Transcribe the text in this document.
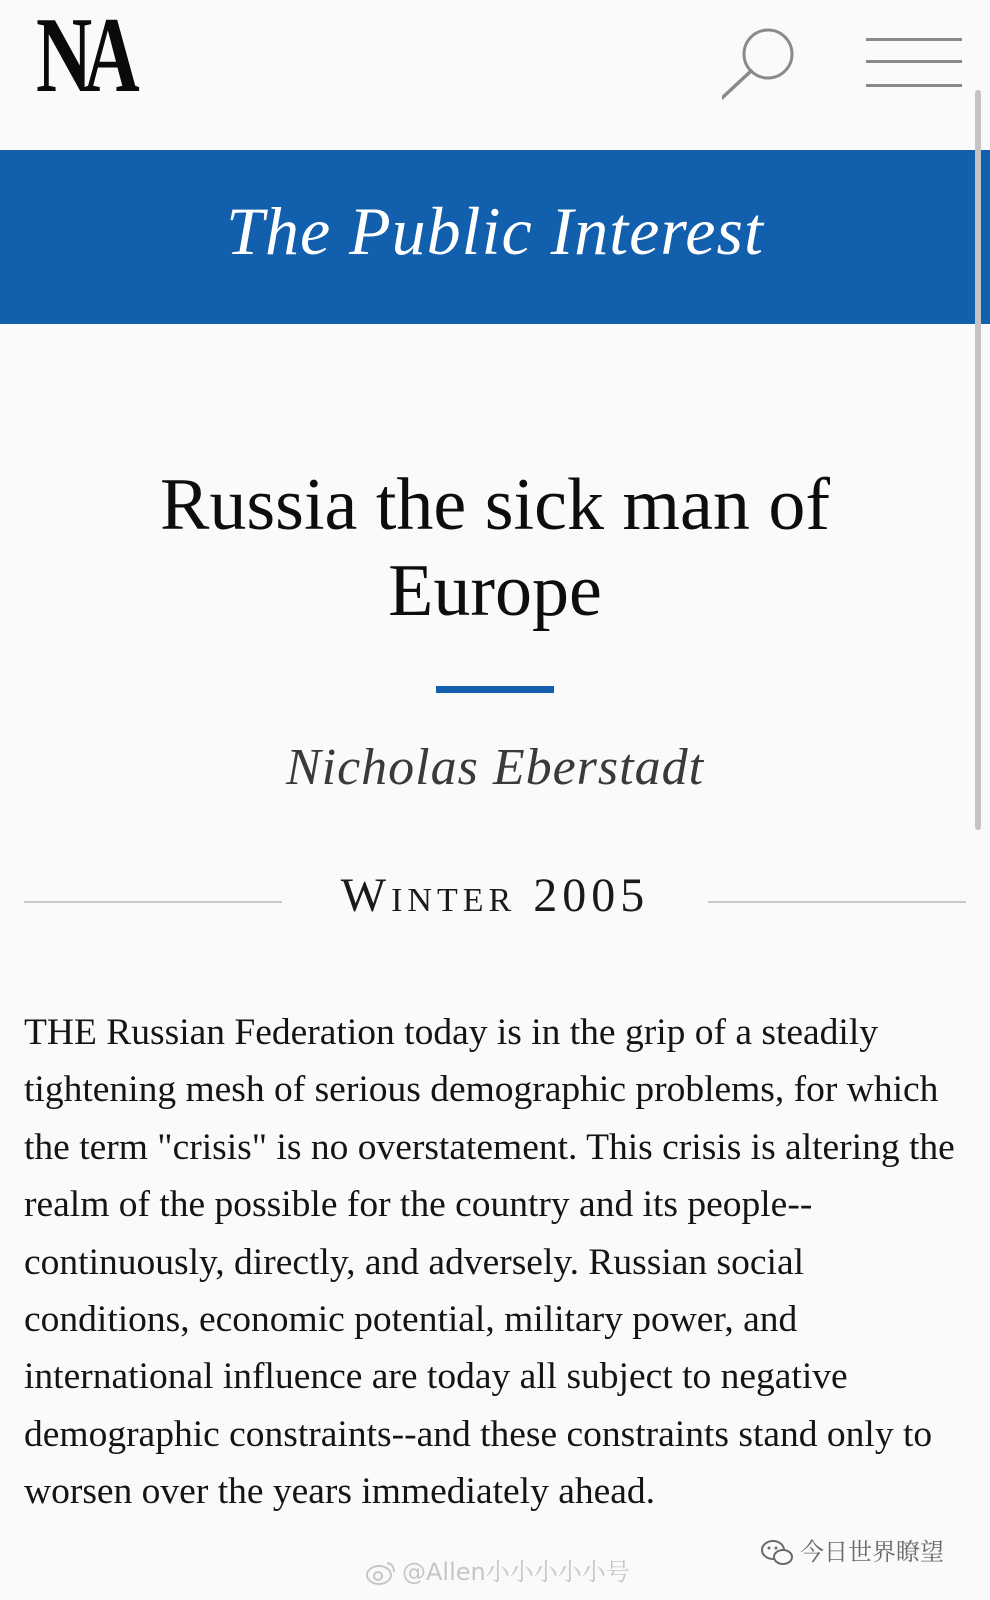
NA
The Public Interest
Russia the sick man of Europe
Nicholas Eberstadt
Winter 2005

THE Russian Federation today is in the grip of a steadily tightening mesh of serious demographic problems, for which the term "crisis" is no overstatement. This crisis is altering the realm of the possible for the country and its people--continuously, directly, and adversely. Russian social conditions, economic potential, military power, and international influence are today all subject to negative demographic constraints--and these constraints stand only to worsen over the years immediately ahead.

@Allen小小小小小号
今日世界瞭望
